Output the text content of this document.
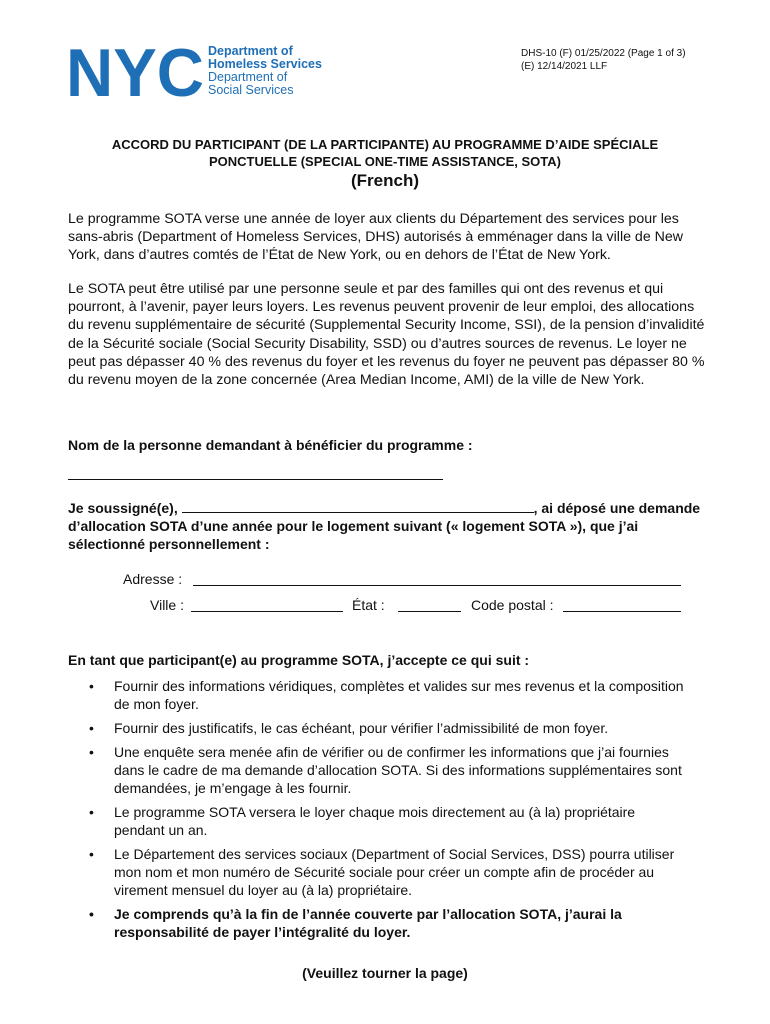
NYC Department of
Homeless Services
Department of
Social Services
DHS-10 (F) 01/25/2022 (Page 1 of 3)
(E) 12/14/2021 LLF
ACCORD DU PARTICIPANT (DE LA PARTICIPANTE) AU PROGRAMME D’AIDE SPÉCIALE
PONCTUELLE (SPECIAL ONE-TIME ASSISTANCE, SOTA)
(French)
Le programme SOTA verse une année de loyer aux clients du Département des services pour les sans-abris (Department of Homeless Services, DHS) autorisés à emménager dans la ville de New York, dans d’autres comtés de l’État de New York, ou en dehors de l’État de New York.
Le SOTA peut être utilisé par une personne seule et par des familles qui ont des revenus et qui pourront, à l’avenir, payer leurs loyers. Les revenus peuvent provenir de leur emploi, des allocations du revenu supplémentaire de sécurité (Supplemental Security Income, SSI), de la pension d’invalidité de la Sécurité sociale (Social Security Disability, SSD) ou d’autres sources de revenus. Le loyer ne peut pas dépasser 40 % des revenus du foyer et les revenus du foyer ne peuvent pas dépasser 80 % du revenu moyen de la zone concernée (Area Median Income, AMI) de la ville de New York.
Nom de la personne demandant à bénéficier du programme :
Je soussigné(e),	, ai déposé une demande d’allocation SOTA d’une année pour le logement suivant (« logement SOTA »), que j’ai sélectionné personnellement :
Adresse :
Ville :	État :	Code postal :
En tant que participant(e) au programme SOTA, j’accepte ce qui suit :
• Fournir des informations véridiques, complètes et valides sur mes revenus et la composition de mon foyer.
• Fournir des justificatifs, le cas échéant, pour vérifier l’admissibilité de mon foyer.
• Une enquête sera menée afin de vérifier ou de confirmer les informations que j’ai fournies dans le cadre de ma demande d’allocation SOTA. Si des informations supplémentaires sont demandées, je m’engage à les fournir.
• Le programme SOTA versera le loyer chaque mois directement au (à la) propriétaire pendant un an.
• Le Département des services sociaux (Department of Social Services, DSS) pourra utiliser mon nom et mon numéro de Sécurité sociale pour créer un compte afin de procéder au virement mensuel du loyer au (à la) propriétaire.
• Je comprends qu’à la fin de l’année couverte par l’allocation SOTA, j’aurai la responsabilité de payer l’intégralité du loyer.
(Veuillez tourner la page)
